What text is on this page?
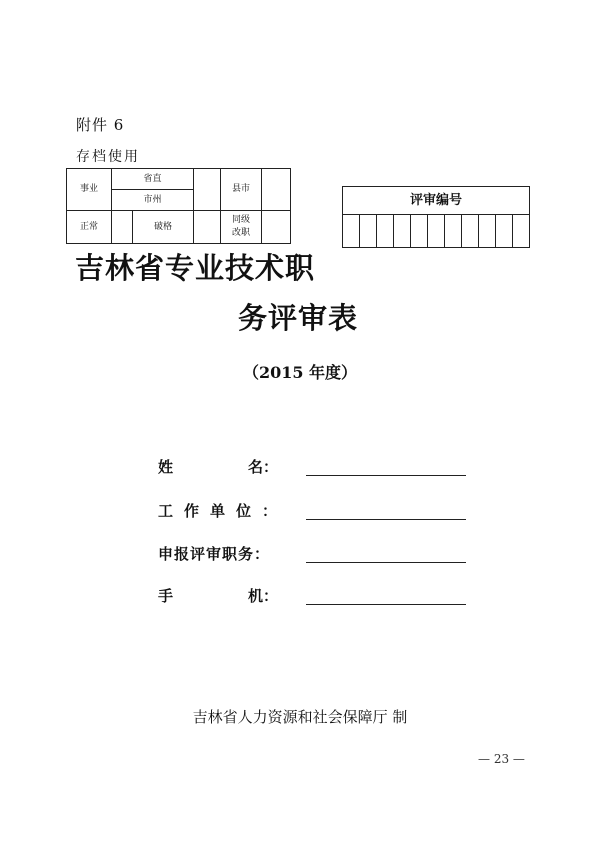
附件 6
存档使用
事业	省直			县市	
	市州				
正常		破格		同级改职	
评审编号
吉林省专业技术职
务评审表
（2015 年度）
姓	名：
工作单位：
申报评审职务：
手	机：
吉林省人力资源和社会保障厅 制
— 23 —
